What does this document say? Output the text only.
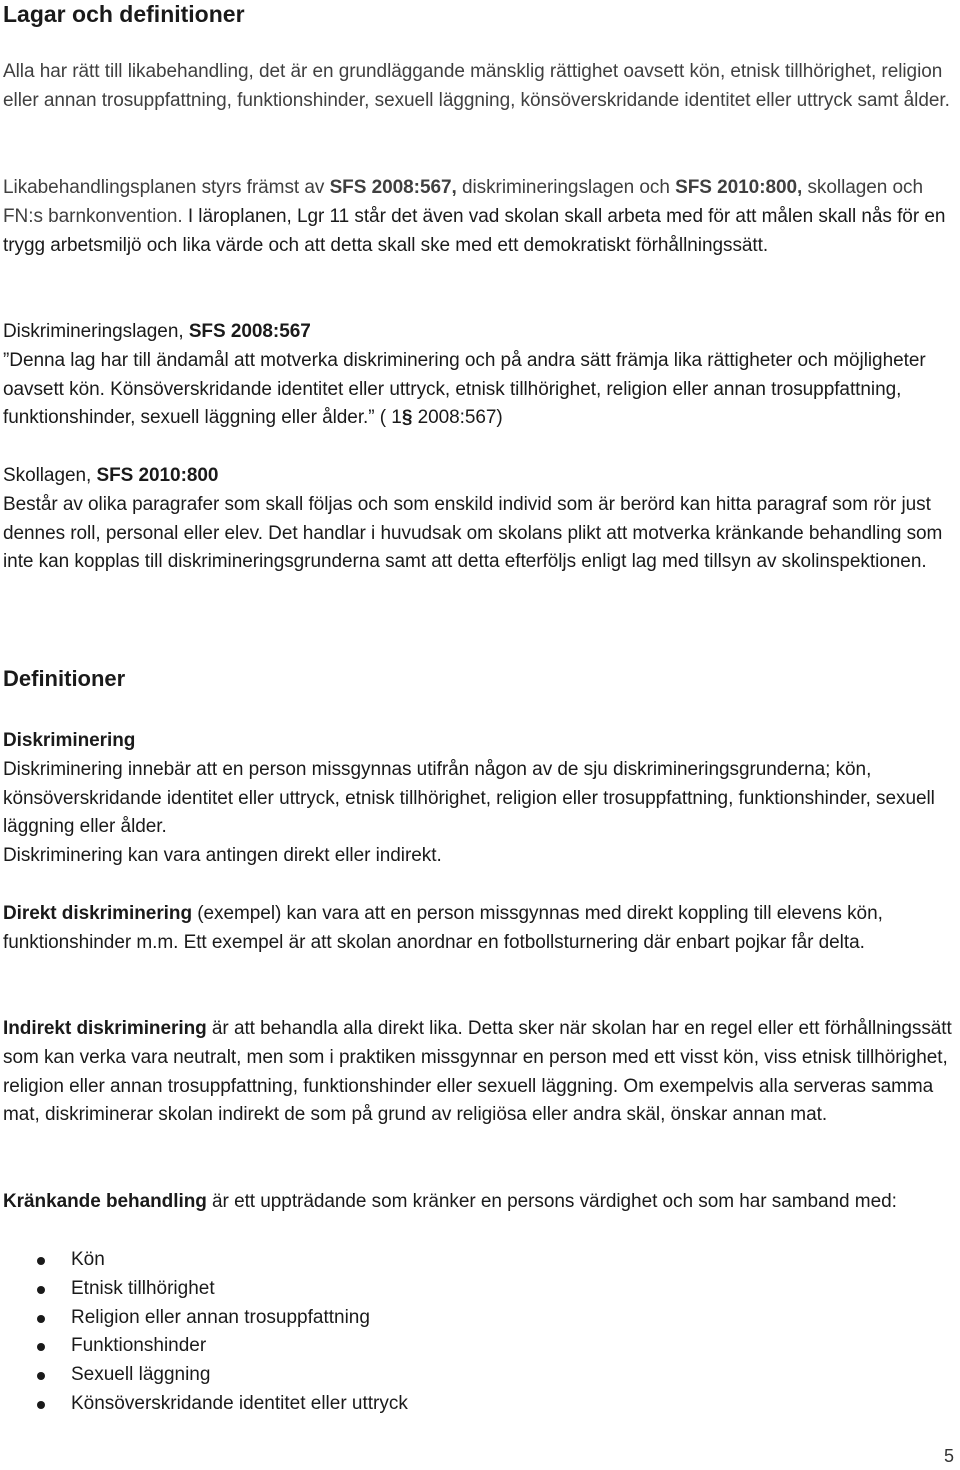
Lagar och definitioner

Alla har rätt till likabehandling, det är en grundläggande mänsklig rättighet oavsett kön, etnisk tillhörighet, religion eller annan trosuppfattning, funktionshinder, sexuell läggning, könsöverskridande identitet eller uttryck samt ålder.

Likabehandlingsplanen styrs främst av SFS 2008:567, diskrimineringslagen och SFS 2010:800, skollagen och FN:s barnkonvention. I läroplanen, Lgr 11 står det även vad skolan skall arbeta med för att målen skall nås för en trygg arbetsmiljö och lika värde och att detta skall ske med ett demokratiskt förhållningssätt.

Diskrimineringslagen, SFS 2008:567
”Denna lag har till ändamål att motverka diskriminering och på andra sätt främja lika rättigheter och möjligheter oavsett kön. Könsöverskridande identitet eller uttryck, etnisk tillhörighet, religion eller annan trosuppfattning, funktionshinder, sexuell läggning eller ålder.” ( 1§ 2008:567)
Skollagen, SFS 2010:800
Består av olika paragrafer som skall följas och som enskild individ som är berörd kan hitta paragraf som rör just dennes roll, personal eller elev. Det handlar i huvudsak om skolans plikt att motverka kränkande behandling som inte kan kopplas till diskrimineringsgrunderna samt att detta efterföljs enligt lag med tillsyn av skolinspektionen.
Definitioner
Diskriminering
Diskriminering innebär att en person missgynnas utifrån någon av de sju diskrimineringsgrunderna; kön, könsöverskridande identitet eller uttryck, etnisk tillhörighet, religion eller trosuppfattning, funktionshinder, sexuell läggning eller ålder.
Diskriminering kan vara antingen direkt eller indirekt.

Direkt diskriminering (exempel) kan vara att en person missgynnas med direkt koppling till elevens kön, funktionshinder m.m. Ett exempel är att skolan anordnar en fotbollsturnering där enbart pojkar får delta.

Indirekt diskriminering är att behandla alla direkt lika. Detta sker när skolan har en regel eller ett förhållningssätt som kan verka vara neutralt, men som i praktiken missgynnar en person med ett visst kön, viss etnisk tillhörighet, religion eller annan trosuppfattning, funktionshinder eller sexuell läggning. Om exempelvis alla serveras samma mat, diskriminerar skolan indirekt de som på grund av religiösa eller andra skäl, önskar annan mat.

Kränkande behandling är ett uppträdande som kränker en persons värdighet och som har samband med:

Kön
Etnisk tillhörighet
Religion eller annan trosuppfattning
Funktionshinder
Sexuell läggning
Könsöverskridande identitet eller uttryck
5
